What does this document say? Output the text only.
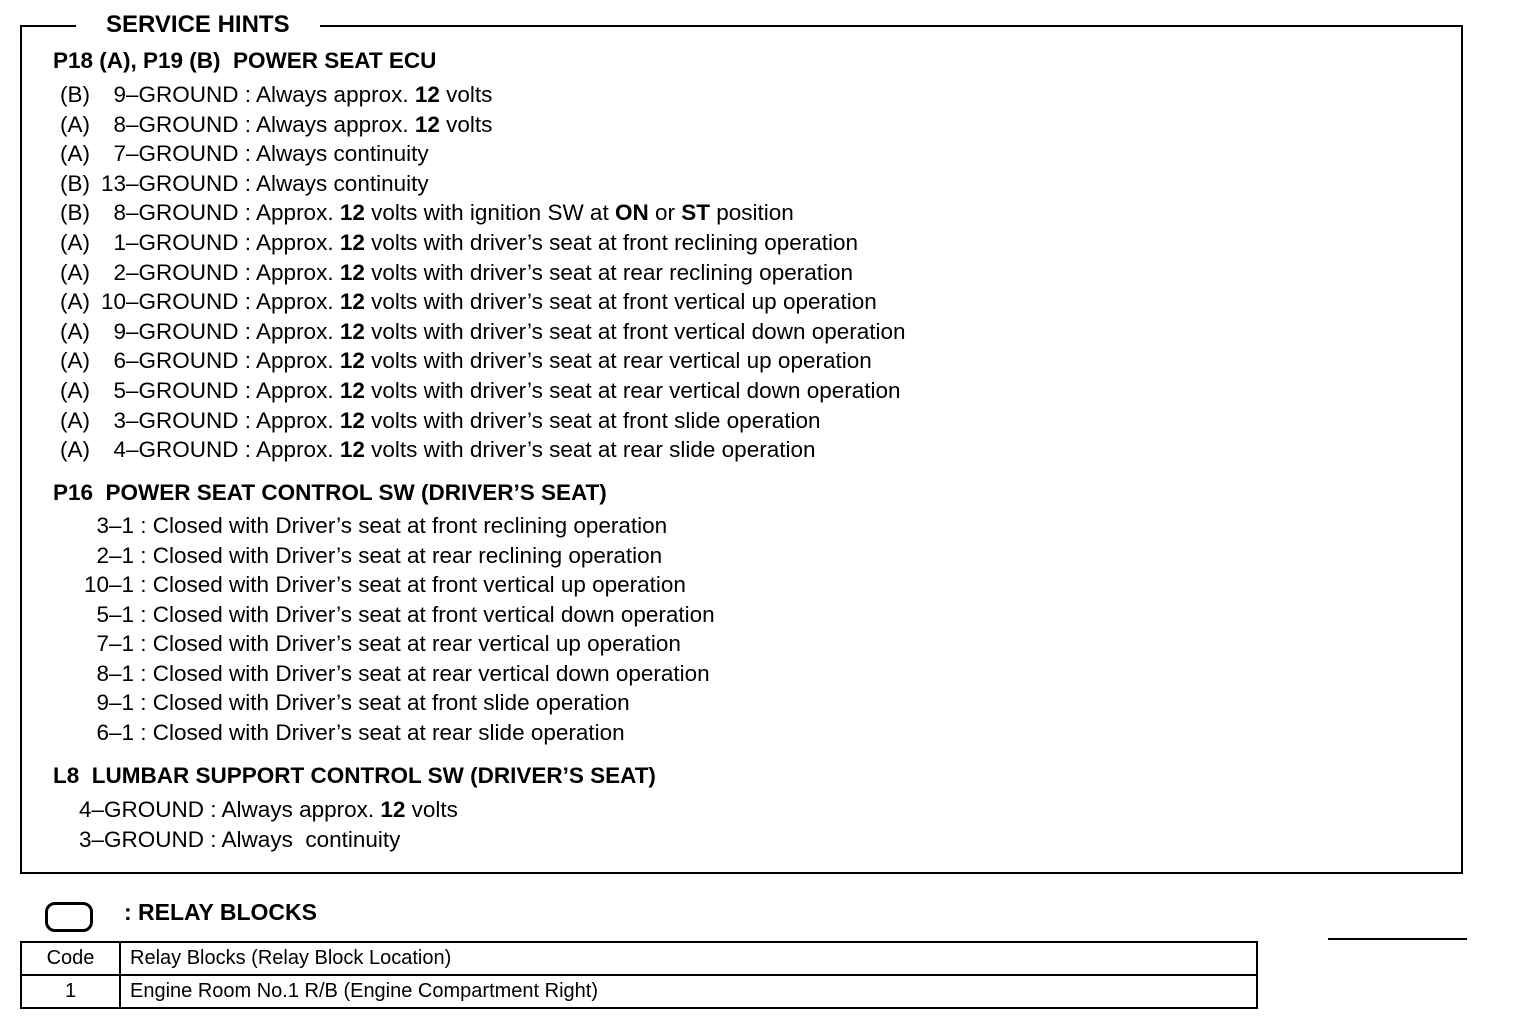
SERVICE HINTS
P18 (A), P19 (B)  POWER SEAT ECU
(B) 9–GROUND : Always approx. 12 volts
(A) 8–GROUND : Always approx. 12 volts
(A) 7–GROUND : Always continuity
(B) 13–GROUND : Always continuity
(B) 8–GROUND : Approx. 12 volts with ignition SW at ON or ST position
(A) 1–GROUND : Approx. 12 volts with driver’s seat at front reclining operation
(A) 2–GROUND : Approx. 12 volts with driver’s seat at rear reclining operation
(A) 10–GROUND : Approx. 12 volts with driver’s seat at front vertical up operation
(A) 9–GROUND : Approx. 12 volts with driver’s seat at front vertical down operation
(A) 6–GROUND : Approx. 12 volts with driver’s seat at rear vertical up operation
(A) 5–GROUND : Approx. 12 volts with driver’s seat at rear vertical down operation
(A) 3–GROUND : Approx. 12 volts with driver’s seat at front slide operation
(A) 4–GROUND : Approx. 12 volts with driver’s seat at rear slide operation
P16  POWER SEAT CONTROL SW (DRIVER’S SEAT)
3–1 : Closed with Driver’s seat at front reclining operation
2–1 : Closed with Driver’s seat at rear reclining operation
10–1 : Closed with Driver’s seat at front vertical up operation
5–1 : Closed with Driver’s seat at front vertical down operation
7–1 : Closed with Driver’s seat at rear vertical up operation
8–1 : Closed with Driver’s seat at rear vertical down operation
9–1 : Closed with Driver’s seat at front slide operation
6–1 : Closed with Driver’s seat at rear slide operation
L8  LUMBAR SUPPORT CONTROL SW (DRIVER’S SEAT)
4–GROUND : Always approx. 12 volts
3–GROUND : Always  continuity
: RELAY BLOCKS
Code	Relay Blocks (Relay Block Location)
1	Engine Room No.1 R/B (Engine Compartment Right)
